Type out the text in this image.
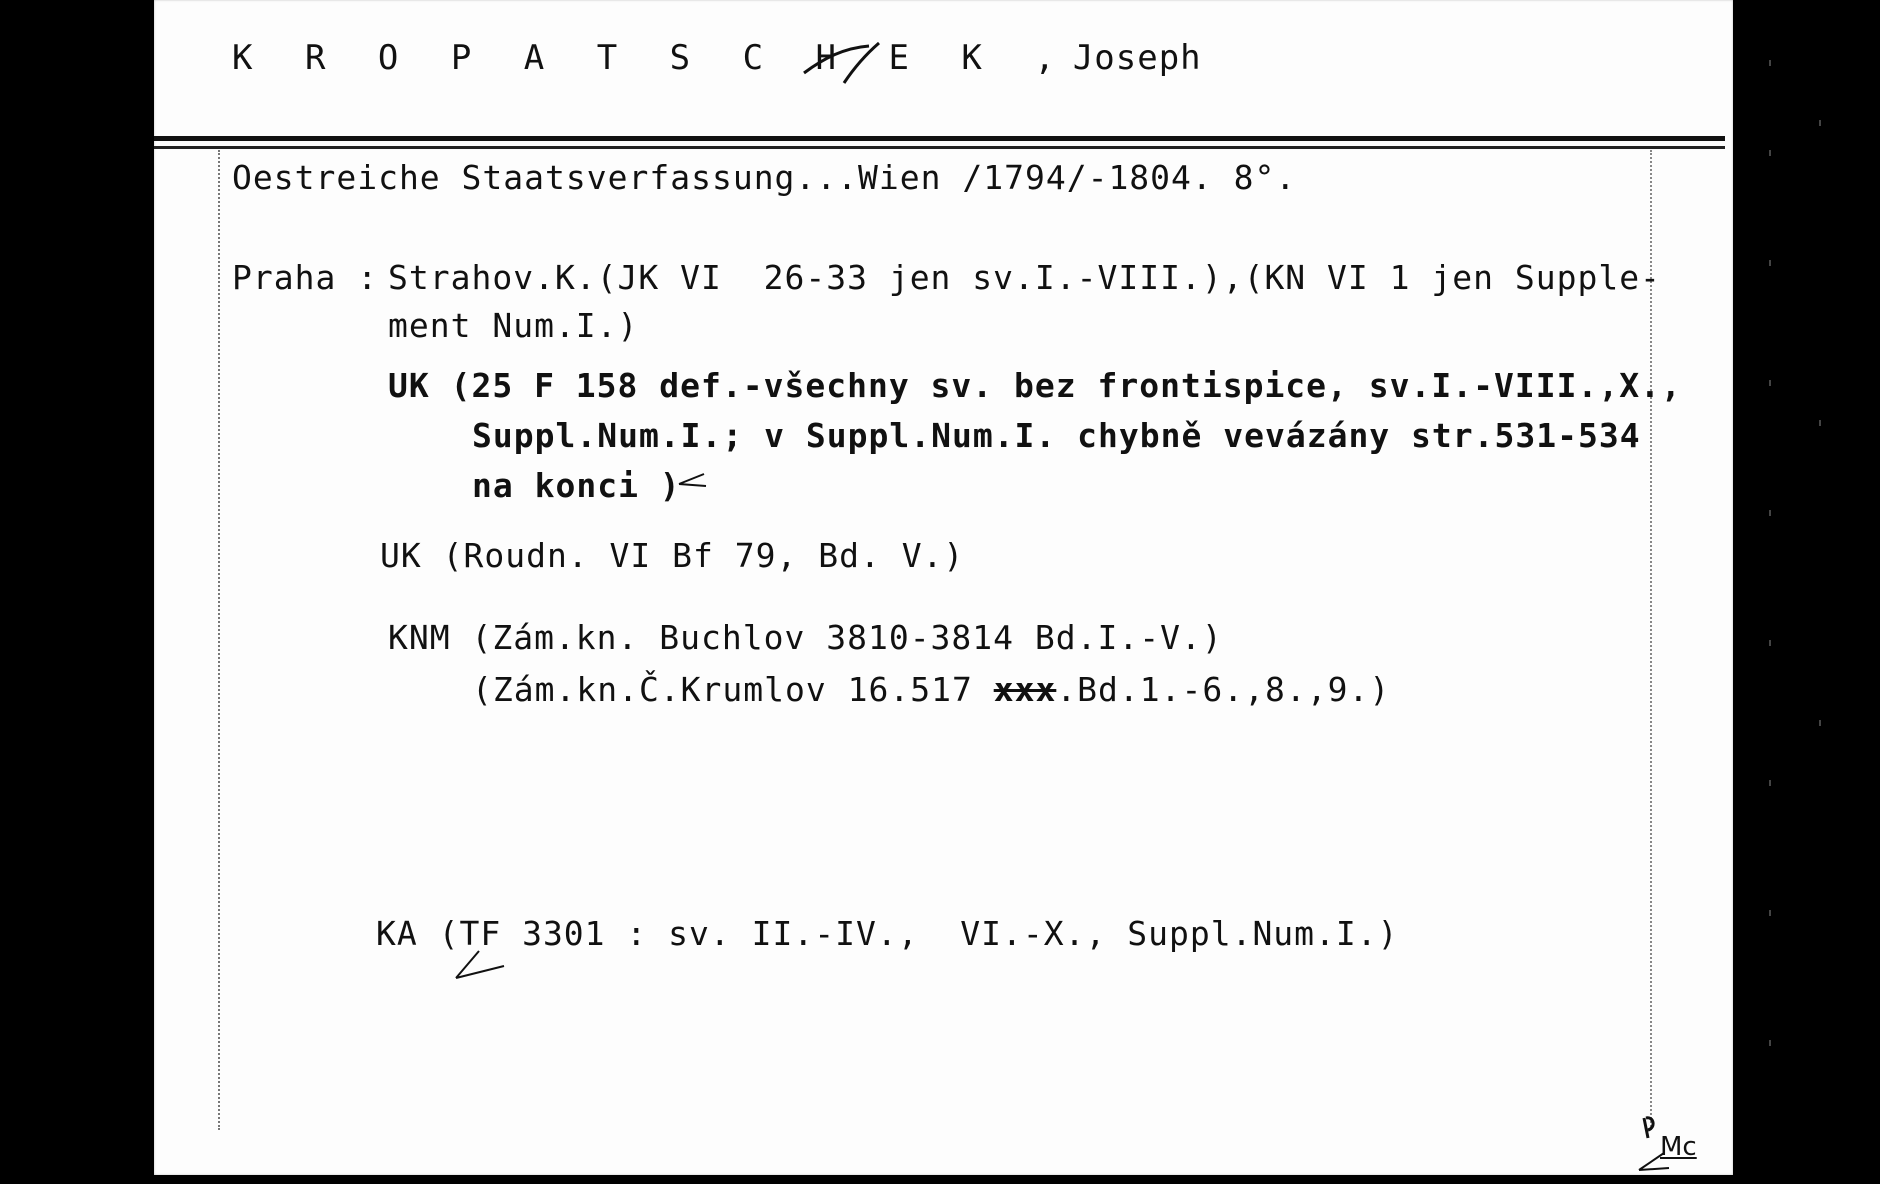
K R O P A T S C H E K ,Joseph
Oestreiche Staatsverfassung...Wien /1794/-1804. 8°.
Praha : Strahov.K.(JK VI  26-33 jen sv.I.-VIII.),(KN VI 1 jen Supple-
ment Num.I.)
UK (25 F 158 def.-všechny sv. bez frontispice, sv.I.-VIII.,X.,
Suppl.Num.I.; v Suppl.Num.I. chybně vevázány str.531-534
na konci )
UK (Roudn. VI Bf 79, Bd. V.)
KNM (Zám.kn. Buchlov 3810-3814 Bd.I.-V.)
(Zám.kn.Č.Krumlov 16.517 xxx.Bd.1.-6.,8.,9.)
KA (TF 3301 : sv. II.-IV.,  VI.-X., Suppl.Num.I.)
Mc
